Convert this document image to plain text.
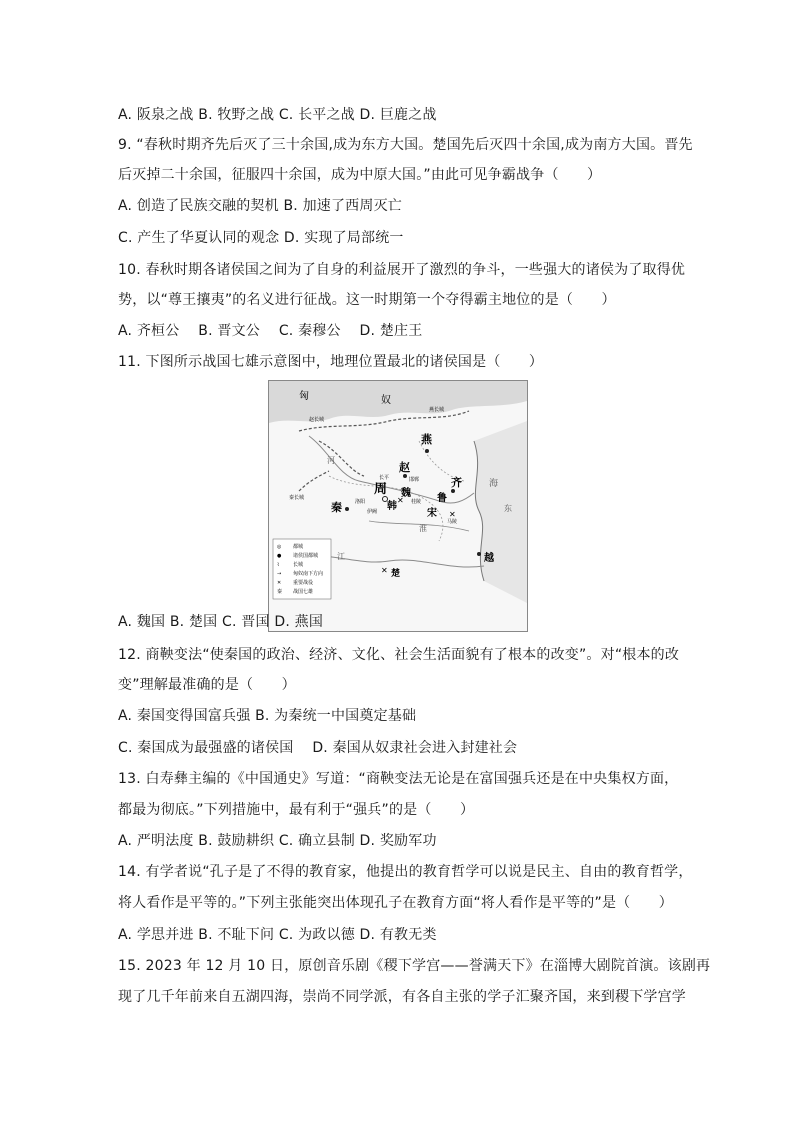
A. 阪泉之战 B. 牧野之战 C. 长平之战 D. 巨鹿之战
9. “春秋时期齐先后灭了三十余国,成为东方大国。楚国先后灭四十余国,成为南方大国。晋先
后灭掉二十余国，征服四十余国，成为中原大国。”由此可见争霸战争（　　）
A. 创造了民族交融的契机 B. 加速了西周灭亡
C. 产生了华夏认同的观念 D. 实现了局部统一
10. 春秋时期各诸侯国之间为了自身的利益展开了激烈的争斗，一些强大的诸侯为了取得优
势，以“尊王攘夷”的名义进行征战。这一时期第一个夺得霸主地位的是（　　）
A. 齐桓公　 B. 晋文公　 C. 秦穆公　 D. 楚庄王
11. 下图所示战国七雄示意图中，地理位置最北的诸侯国是（　　）
匈	奴
赵长城
燕长城
秦长城
燕
赵
齐
魏
周
韩
鲁
宋
秦
楚
越
海
东
江
河
淮
邯郸
长平
马陵
桂陵
洛阳
伊阙
✕
✕
✕
◎ 都城
● 诸侯国都城
⌇	长城
→ 匈奴南下方向
✕ 重要战役
秦 战国七雄
A. 魏国 B. 楚国 C. 晋国 D. 燕国
12. 商鞅变法“使秦国的政治、经济、文化、社会生活面貌有了根本的改变”。对“根本的改
变”理解最准确的是（　　）
A. 秦国变得国富兵强 B. 为秦统一中国奠定基础
C. 秦国成为最强盛的诸侯国　 D. 秦国从奴隶社会进入封建社会
13. 白寿彝主编的《中国通史》写道：“商鞅变法无论是在富国强兵还是在中央集权方面，
都最为彻底。”下列措施中，最有利于“强兵”的是（　　）
A. 严明法度 B. 鼓励耕织 C. 确立县制 D. 奖励军功
14. 有学者说“孔子是了不得的教育家，他提出的教育哲学可以说是民主、自由的教育哲学，
将人看作是平等的。”下列主张能突出体现孔子在教育方面“将人看作是平等的”是（　　）
A. 学思并进 B. 不耻下问 C. 为政以德 D. 有教无类
15. 2023 年 12 月 10 日，原创音乐剧《稷下学宫——誉满天下》在淄博大剧院首演。该剧再
现了几千年前来自五湖四海，崇尚不同学派，有各自主张的学子汇聚齐国，来到稷下学宫学
